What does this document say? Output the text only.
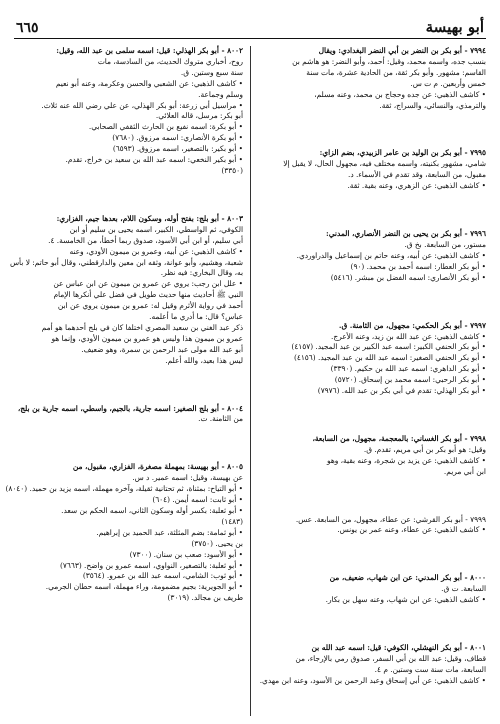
أبو بهيسة
٦٦٥

٧٩٩٤ - أبو بكر بن النضر بن أبي النضر البغدادي: ويقال

بنسب جده، واسمه محمد، وقيل: أحمد، وأبو النضر: هو هاشم بن

القاسم: مشهور. وأبو بكر ثقة، من الحادية عشرة، مات سنة

خمس وأربعين. م ت س.

• كاشف الذهبي: عن جده وحجاج بن محمد، وعنه مسلم،

والترمذي، والنسائي، والسراج، ثقة.

٧٩٩٥ - أبو بكر بن الوليد بن عامر الزبيدي، بضم الزاي:

شامي، مشهور بكنيته، واسمه مختلف فيه، مجهول الحال، لا يقبل إلا

مقبول، من السابعة، وقد تقدم في الأسماء. د.

• كاشف الذهبي: عن الزهري، وعنه بقية. ثقة.

٧٩٩٦ - أبو بكر بن يحيى بن النضر الأنصاري، المدني:

مستور، من السابعة. بخ ق.

• كاشف الذهبي: عن أبيه، وعنه حاتم بن إسماعيل والدراوردي.

• أبو بكر العطار: اسمه أحمد بن محمد. (٩٠)

• أبو بكر الأنصاري: اسمه الفضل بن مبشر. (٥٤١٦)

٧٩٩٧ - أبو بكر الحكمي: مجهول، من الثامنة. ق.

• كاشف الذهبي: عن عبد الله بن زيد، وعنه الأعرج.

• أبو بكر الحنفي الكبير: اسمه عبد الكبير بن عبد المجيد. (٤١٥٧)

• أبو بكر الحنفي الصغير: اسمه عبد الله بن عبد المجيد. (٤١٥٦)

• أبو بكر الداهري: اسمه عبد الله بن حكيم. (٣٣٩٠)

• أبو بكر الرحبي: اسمه محمد بن إسحاق. (٥٧٢٠)

• أبو بكر الهذلي: تقدم في أبي بكر بن عبد الله. (٧٩٧٦)

٧٩٩٨ - أبو بكر الغساني: بالمعجمة، مجهول، من السابعة،

وقيل: هو أبو بكر بن أبي مريم، تقدم. ق.

• كاشف الذهبي: عن يزيد بن شجرة، وعنه بقية، وهو

ابن أبي مريم.

٧٩٩٩ - أبو بكر القرشي: عن عطاء، مجهول، من السابعة. عس.

• كاشف الذهبي: عن عطاء، وعنه عمر بن يونس.

٨٠٠٠ - أبو بكر المدني: عن ابن شهاب، ضعيف، من

السابعة. ت ق.

• كاشف الذهبي: عن ابن شهاب، وعنه سهل بن بكار.

٨٠٠١ - أبو بكر النهشلي، الكوفي: قيل: اسمه عبد الله بن

قطاف، وقيل: عبد الله بن أبي السفر، صدوق رمي بالإرجاء، من

السابعة، مات سنة ست وستين. م ٤.

• كاشف الذهبي: عن أبي إسحاق وعبد الرحمن بن الأسود، وعنه ابن مهدي.

٨٠٠٢ - أبو بكر الهذلي: قيل: اسمه سلمى بن عبد الله، وقيل:

روح، أخباري متروك الحديث، من السادسة، مات

سنة سبع وستين. ق.

• كاشف الذهبي: عن الشعبي والحسن وعكرمة، وعنه أبو نعيم

وسلم وجماعة.

• مراسيل أبي زرعة: أبو بكر الهذلي، عن علي رضي الله عنه ثلاث.

أبو بكر: مرسل، قاله العلائي.

• أبو بكرة: اسمه نفيع بن الحارث الثقفي الصحابي.

• أبو بكرة الأنصاري: اسمه مرزوق. (٧٦٨٠)

• أبو بكير: بالتصغير، اسمه مرزوق. (٦٥٩٣)

• أبو بكير النخعي: اسمه عبد الله بن سعيد بن خراج، تقدم.

(٣٣٥٠)

٨٠٠٣ - أبو بلج: بفتح أوله، وسكون اللام، بعدها جيم، الفزاري:

الكوفي، ثم الواسطي، الكبير، اسمه يحيى بن سليم أو ابن

أبي سليم، أو ابن أبي الأسود، صدوق ربما أخطأ، من الخامسة. ٤.

• كاشف الذهبي: عن أبيه، وعمرو بن ميمون الأودي، وعنه

شعبة، وهشيم، وأبو عوانة، وثقه ابن معين والدارقطني، وقال أبو حاتم: لا بأس

به، وقال البخاري: فيه نظر.

• علل ابن رجب: يروي عن عمرو بن ميمون عن ابن عباس عن

النبي ﷺ أحاديث منها حديث طويل في فضل علي أنكرها الإمام

أحمد في رواية الأثرم وقيل له: عمرو بن ميمون يروي عن ابن

عباس؟ قال: ما أدري ما أعلمه.

ذكر عبد الغني بن سعيد المصري اختلفا كان في بلج أحدهما هو أمم

عمرو بن ميمون هذا وليس هو عمرو بن ميمون الأودي، وإنما هو

أبو عبد الله مولى عبد الرحمن بن سمرة، وهو ضعيف.

ليس هذا بعيد، والله أعلم.

٨٠٠٤ - أبو بلج الصغير: اسمه جارية، بالجيم، واسطي، اسمه جارية بن بلج،

من الثامنة. ت.

٨٠٠٥ - أبو بهيسة: بمهملة مصغرة، الفزاري، مقبول، من

عن بهيسة، وقيل: اسمه عمير. د س.

• أبو التياح: بمثناة، ثم تحتانية ثقيلة، وآخره مهملة، اسمه يزيد بن حميد. (٨٠٤٠)

• أبو ثابت: اسمه أيمن. (٦٠٤)

• أبو ثعلبة: بكسر أوله وسكون الثاني، اسمه الحكم بن سعد.

(١٤٨٣)

• أبو ثمامة: بضم المثلثة، عبد الحميد بن إبراهيم.

بن يحيى. (٣٧٥٠)

• أبو الأسود: صعب بن سنان. (٧٣٠٠)

• أبو ثعلبة: بالتصغير، النواوي، اسمه عمرو بن واضح. (٧٦٦٣)

• أبو ثوب: الشامي، اسمه عبد الله بن عمرو. (٣٥٦٤)

• أبو الجويرية: بجيم مضمومة، وراء مهملة، اسمه حطان الجرمي.

طريف بن مجالد. (٣٠١٩)
